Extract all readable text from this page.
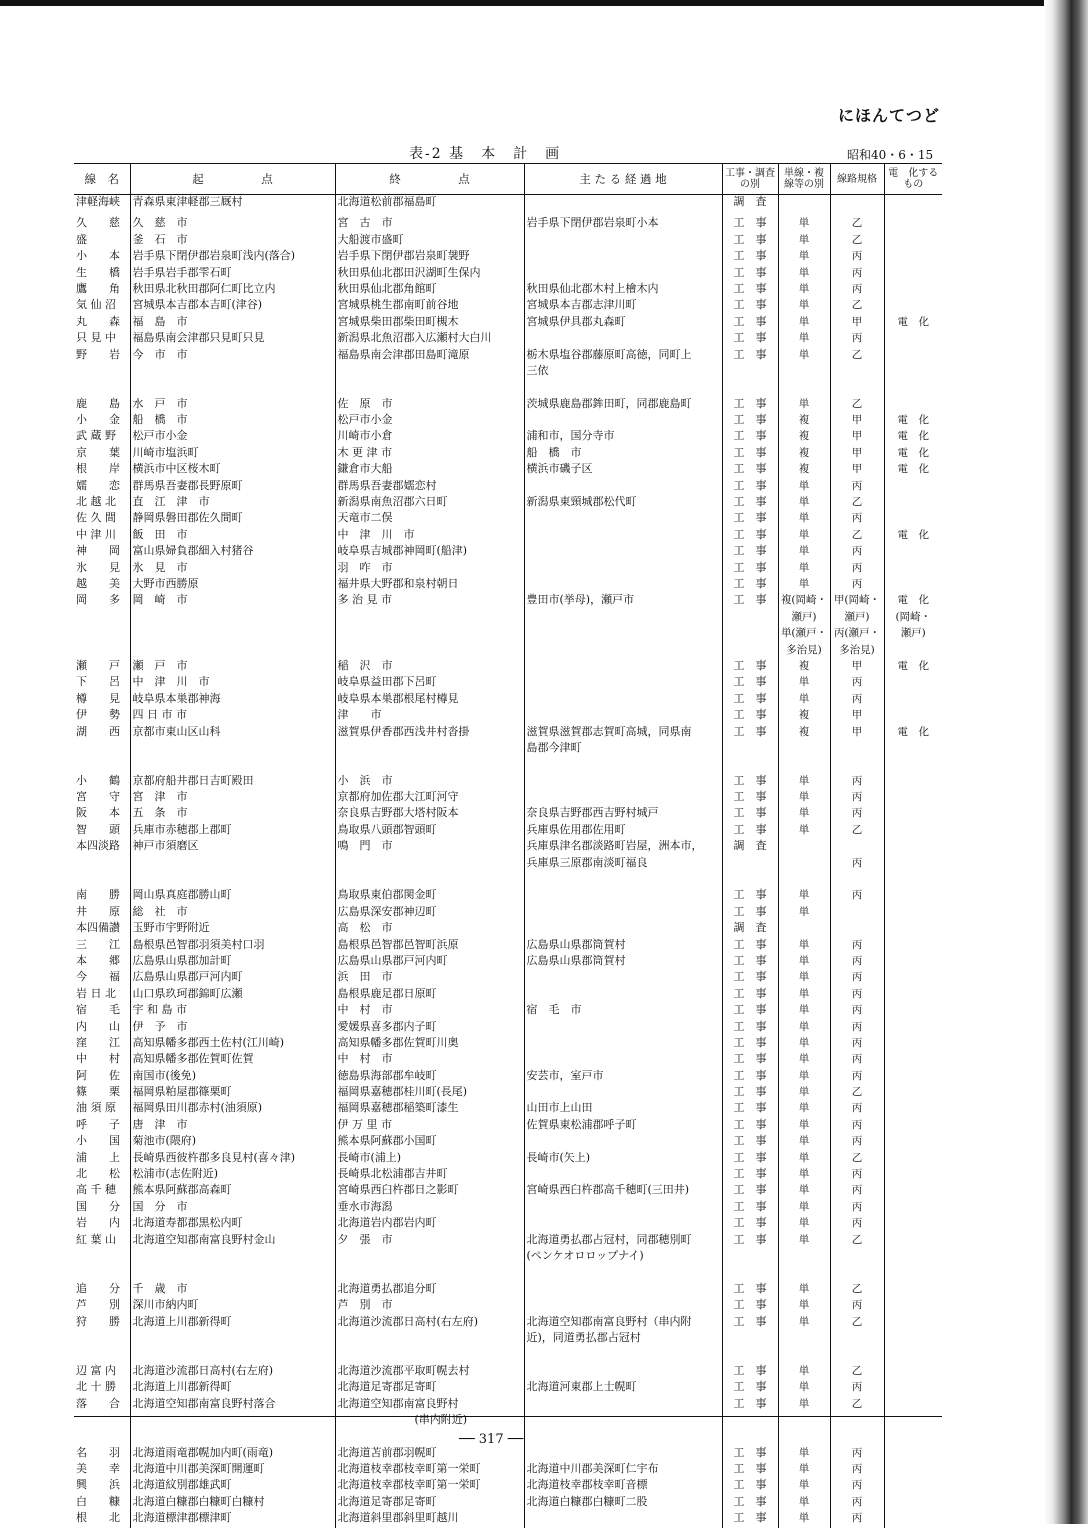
にほんてつど
表-2 基　本　計　画	昭和40・6・15
線　名	起　　　　　点	終　　　　　点	主 た る 経 過 地	工事・調査の別	単線・複線等の別	線路規格	電　化するもの
津軽海峡	青森県東津軽郡三厩村	北海道松前郡福島町		調　査			
久　　慈	久　慈　市	宮　古　市	岩手県下閉伊郡岩泉町小本	工　事	単	乙	
盛	釜　石　市	大船渡市盛町		工　事	単	乙	
小　　本	岩手県下閉伊郡岩泉町浅内(落合)	岩手県下閉伊郡岩泉町袰野		工　事	単	丙	
生　　橋	岩手県岩手郡雫石町	秋田県仙北郡田沢湖町生保内		工　事	単	丙	
鷹　　角	秋田県北秋田郡阿仁町比立内	秋田県仙北郡角館町	秋田県仙北郡木村上檜木内	工　事	単	丙	
気 仙 沼	宮城県本吉郡本吉町(津谷)	宮城県桃生郡南町前谷地	宮城県本吉郡志津川町	工　事	単	乙	
丸　　森	福　島　市	宮城県柴田郡柴田町槻木	宮城県伊具郡丸森町	工　事	単	甲	電　化
只 見 中	福島県南会津郡只見町只見	新潟県北魚沼郡入広瀬村大白川		工　事	単	丙	
野　　岩	今　市　市	福島県南会津郡田島町滝原	栃木県塩谷郡藤原町高徳，同町上	工　事	単	乙	
			三依				

鹿　　島	水　戸　市	佐　原　市	茨城県鹿島郡鉾田町，同郡鹿島町	工　事	単	乙	
小　　金	船　橋　市	松戸市小金		工　事	複	甲	電　化
武 蔵 野	松戸市小金	川崎市小倉	浦和市，国分寺市	工　事	複	甲	電　化
京　　葉	川崎市塩浜町	木 更 津 市	船　橋　市	工　事	複	甲	電　化
根　　岸	横浜市中区桜木町	鎌倉市大船	横浜市磯子区	工　事	複	甲	電　化
嬬　　恋	群馬県吾妻郡長野原町	群馬県吾妻郡嬬恋村		工　事	単	丙	
北 越 北	直　江　津　市	新潟県南魚沼郡六日町	新潟県東頸城郡松代町	工　事	単	乙	
佐 久 間	静岡県磐田郡佐久間町	天竜市二俣		工　事	単	丙	
中 津 川	飯　田　市	中　津　川　市		工　事	単	乙	電　化
神　　岡	富山県婦負郡細入村猪谷	岐阜県吉城郡神岡町(船津)		工　事	単	丙	
氷　　見	氷　見　市	羽　咋　市		工　事	単	丙	
越　　美	大野市西勝原	福井県大野郡和泉村朝日		工　事	単	丙	
岡　　多	岡　崎　市	多 治 見 市	豊田市(挙母)，瀬戸市	工　事	複(岡崎・	甲(岡崎・	電　化
					瀬戸)	瀬戸)	(岡崎・
					単(瀬戸・	丙(瀬戸・	瀬戸)
					多治見)	多治見)	
瀬　　戸	瀬　戸　市	稲　沢　市		工　事	複	甲	電　化
下　　呂	中　津　川　市	岐阜県益田郡下呂町		工　事	単	丙	
樽　　見	岐阜県本巣郡神海	岐阜県本巣郡根尾村樽見		工　事	単	丙	
伊　　勢	四 日 市 市	津　　市		工　事	複	甲	
湖　　西	京都市東山区山科	滋賀県伊香郡西浅井村沓掛	滋賀県滋賀郡志賀町高城，同県南	工　事	複	甲	電　化
			島郡今津町				

小　　鶴	京都府船井郡日吉町殿田	小　浜　市		工　事	単	丙	
宮　　守	宮　津　市	京都府加佐郡大江町河守		工　事	単	丙	
阪　　本	五　条　市	奈良県吉野郡大塔村阪本	奈良県吉野郡西吉野村城戸	工　事	単	丙	
智　　頭	兵庫市赤穂郡上郡町	鳥取県八頭郡智頭町	兵庫県佐用郡佐用町	工　事	単	乙	
本四淡路	神戸市須磨区	鳴　門　市	兵庫県津名郡淡路町岩屋，洲本市，	調　査			
			兵庫県三原郡南淡町福良			丙	

南　　勝	岡山県真庭郡勝山町	鳥取県東伯郡関金町		工　事	単	丙	
井　　原	総　社　市	広島県深安郡神辺町		工　事	単		
本四備讃	玉野市宇野附近	高　松　市		調　査			
三　　江	島根県邑智郡羽須美村口羽	島根県邑智郡邑智町浜原	広島県山県郡筒賀村	工　事	単	丙	
本　　郷	広島県山県郡加計町	広島県山県郡戸河内町	広島県山県郡筒賀村	工　事	単	丙	
今　　福	広島県山県郡戸河内町	浜　田　市		工　事	単	丙	
岩 日 北	山口県玖珂郡錦町広瀬	島根県鹿足郡日原町		工　事	単	丙	
宿　　毛	宇 和 島 市	中　村　市	宿　毛　市	工　事	単	丙	
内　　山	伊　予　市	愛媛県喜多郡内子町		工　事	単	丙	
窪　　江	高知県幡多郡西土佐村(江川崎)	高知県幡多郡佐賀町川奥		工　事	単	丙	
中　　村	高知県幡多郡佐賀町佐賀	中　村　市		工　事	単	丙	
阿　　佐	南国市(後免)	徳島県海部郡牟岐町	安芸市，室戸市	工　事	単	丙	
篠　　栗	福岡県粕屋郡篠栗町	福岡県嘉穂郡桂川町(長尾)		工　事	単	乙	
油 須 原	福岡県田川郡赤村(油須原)	福岡県嘉穂郡稲築町漆生	山田市上山田	工　事	単	丙	
呼　　子	唐　津　市	伊 万 里 市	佐賀県東松浦郡呼子町	工　事	単	丙	
小　　国	菊池市(隈府)	熊本県阿蘇郡小国町		工　事	単	丙	
浦　　上	長崎県西彼杵郡多良見村(喜々津)	長崎市(浦上)	長崎市(矢上)	工　事	単	乙	
北　　松	松浦市(志佐附近)	長崎県北松浦郡吉井町		工　事	単	丙	
高 千 穂	熊本県阿蘇郡高森町	宮崎県西臼杵郡日之影町	宮崎県西臼杵郡高千穂町(三田井)	工　事	単	丙	
国　　分	国　分　市	垂水市海潟		工　事	単	丙	
岩　　内	北海道寿都郡黒松内町	北海道岩内郡岩内町		工　事	単	丙	
紅 葉 山	北海道空知郡南富良野村金山	夕　張　市	北海道勇払郡占冠村，同郡穂別町	工　事	単	乙	
			(ペンケオロロップナイ)				

追　　分	千　歳　市	北海道勇払郡追分町		工　事	単	乙	
芦　　別	深川市納内町	芦　別　市		工　事	単	丙	
狩　　勝	北海道上川郡新得町	北海道沙流郡日高村(右左府)	北海道空知郡南富良野村（串内附	工　事	単	乙	
			近)，同道勇払郡占冠村				

辺 富 内	北海道沙流郡日高村(右左府)	北海道沙流郡平取町幌去村		工　事	単	乙	
北 十 勝	北海道上川郡新得町	北海道足寄郡足寄町	北海道河東郡上士幌町	工　事	単	丙	
落　　合	北海道空知郡南富良野村落合	北海道空知郡南富良野村		工　事	単	乙	
		　　　　　　　(串内附近)					

名　　羽	北海道雨竜郡幌加内町(雨竜)	北海道苫前郡羽幌町		工　事	単	丙	
美　　幸	北海道中川郡美深町開運町	北海道枝幸郡枝幸町第一栄町	北海道中川郡美深町仁宇布	工　事	単	丙	
興　　浜	北海道紋別郡雄武町	北海道枝幸郡枝幸町第一栄町	北海道枝幸郡枝幸町音標	工　事	単	丙	
白　　糠	北海道白糠郡白糠町白糠村	北海道足寄郡足寄町	北海道白糠郡白糠町二股	工　事	単	丙	
根　　北	北海道標津郡標津町	北海道斜里郡斜里町越川		工　事	単	丙	
── 317 ──
